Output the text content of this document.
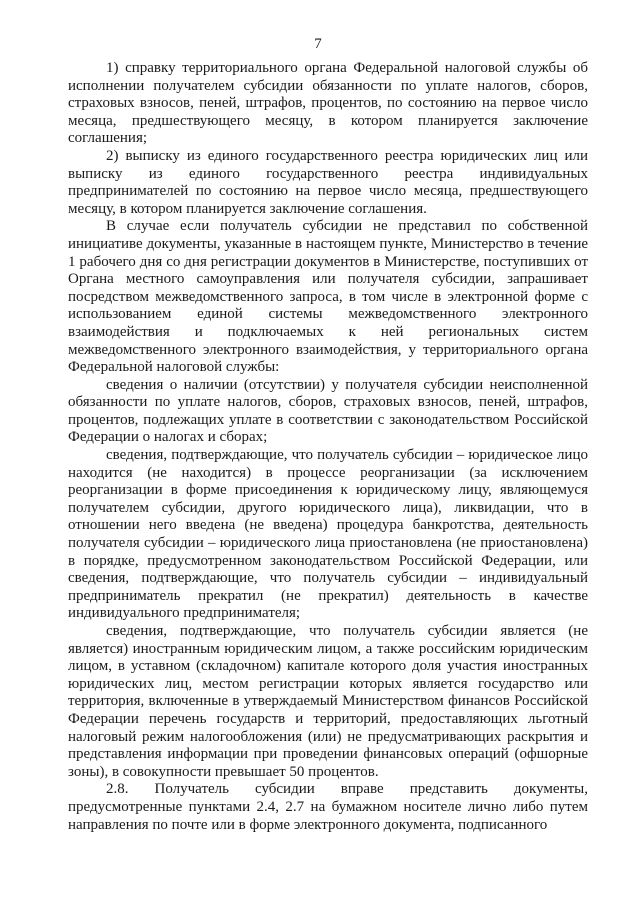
7

1) справку территориального органа Федеральной налоговой службы об исполнении получателем субсидии обязанности по уплате налогов, сборов, страховых взносов, пеней, штрафов, процентов, по состоянию на первое число месяца, предшествующего месяцу, в котором планируется заключение соглашения;

2) выписку из единого государственного реестра юридических лиц или выписку из единого государственного реестра индивидуальных предпринимателей по состоянию на первое число месяца, предшествующего месяцу, в котором планируется заключение соглашения.

В случае если получатель субсидии не представил по собственной инициативе документы, указанные в настоящем пункте, Министерство в течение 1 рабочего дня со дня регистрации документов в Министерстве, поступивших от Органа местного самоуправления или получателя субсидии, запрашивает посредством межведомственного запроса, в том числе в электронной форме с использованием единой системы межведомственного электронного взаимодействия и подключаемых к ней региональных систем межведомственного электронного взаимодействия, у территориального органа Федеральной налоговой службы:

сведения о наличии (отсутствии) у получателя субсидии неисполненной обязанности по уплате налогов, сборов, страховых взносов, пеней, штрафов, процентов, подлежащих уплате в соответствии с законодательством Российской Федерации о налогах и сборах;

сведения, подтверждающие, что получатель субсидии – юридическое лицо находится (не находится) в процессе реорганизации (за исключением реорганизации в форме присоединения к юридическому лицу, являющемуся получателем субсидии, другого юридического лица), ликвидации, что в отношении него введена (не введена) процедура банкротства, деятельность получателя субсидии – юридического лица приостановлена (не приостановлена) в порядке, предусмотренном законодательством Российской Федерации, или сведения, подтверждающие, что получатель субсидии – индивидуальный предприниматель прекратил (не прекратил) деятельность в качестве индивидуального предпринимателя;

сведения, подтверждающие, что получатель субсидии является (не является) иностранным юридическим лицом, а также российским юридическим лицом, в уставном (складочном) капитале которого доля участия иностранных юридических лиц, местом регистрации которых является государство или территория, включенные в утверждаемый Министерством финансов Российской Федерации перечень государств и территорий, предоставляющих льготный налоговый режим налогообложения (или) не предусматривающих раскрытия и представления информации при проведении финансовых операций (офшорные зоны), в совокупности превышает 50 процентов.

2.8. Получатель субсидии вправе представить документы, предусмотренные пунктами 2.4, 2.7 на бумажном носителе лично либо путем направления по почте или в форме электронного документа, подписанного
